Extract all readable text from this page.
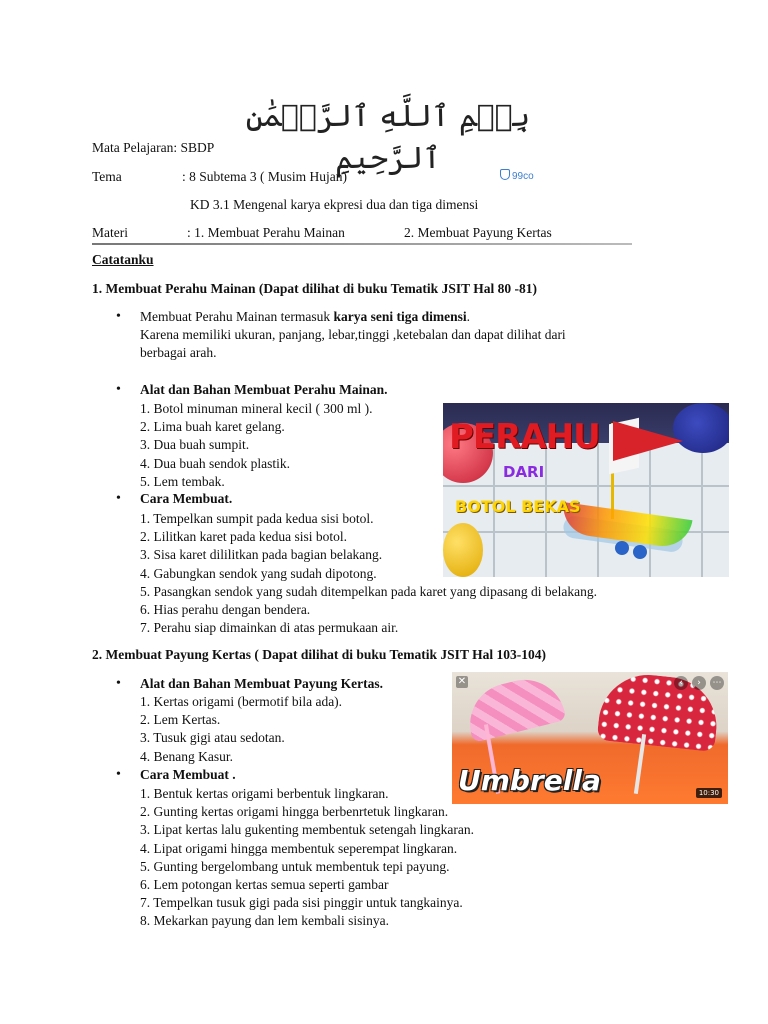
بِسۡمِ ٱللَّهِ ٱلرَّحۡمَٰنِ ٱلرَّحِيمِ
Mata Pelajaran: SBDP
Tema	: 8 Subtema 3 ( Musim Hujan)	99co
KD 3.1 Mengenal karya ekpresi dua dan tiga dimensi
Materi	: 1. Membuat Perahu Mainan	2. Membuat Payung Kertas
Catatanku
1. Membuat Perahu Mainan (Dapat dilihat di buku Tematik JSIT Hal 80 -81)
• Membuat Perahu Mainan termasuk karya seni tiga dimensi.
Karena memiliki ukuran, panjang, lebar,tinggi ,ketebalan dan dapat dilihat dari
berbagai arah.
• Alat dan Bahan Membuat Perahu Mainan.
1. Botol minuman mineral kecil ( 300 ml ).
2. Lima buah karet gelang.
3. Dua buah sumpit.
4. Dua buah sendok plastik.
5. Lem tembak.
• Cara Membuat.
1. Tempelkan sumpit pada kedua sisi botol.
2. Lilitkan karet pada kedua sisi botol.
3. Sisa karet dililitkan pada bagian belakang.
4. Gabungkan sendok yang sudah dipotong.
5. Pasangkan sendok yang sudah ditempelkan pada karet yang dipasang di belakang.
6. Hias perahu dengan bendera.
7. Perahu siap dimainkan di atas permukaan air.
PERAHU
DARI
BOTOL BEKAS
2. Membuat Payung Kertas ( Dapat dilihat di buku Tematik JSIT Hal 103-104)
• Alat dan Bahan Membuat Payung Kertas.
1. Kertas origami (bermotif bila ada).
2. Lem Kertas.
3. Tusuk gigi atau sedotan.
4. Benang Kasur.
• Cara Membuat .
1. Bentuk kertas origami berbentuk lingkaran.
2. Gunting kertas origami hingga berbenrtetuk lingkaran.
3. Lipat kertas lalu gukenting membentuk setengah lingkaran.
4. Lipat origami hingga membentuk seperempat lingkaran.
5. Gunting bergelombang untuk membentuk tepi payung.
6. Lem potongan kertas semua seperti gambar
7. Tempelkan tusuk gigi pada sisi pinggir untuk tangkainya.
8. Mekarkan payung dan lem kembali sisinya.
✕	‹	›	⋯
Umbrella	10:30
